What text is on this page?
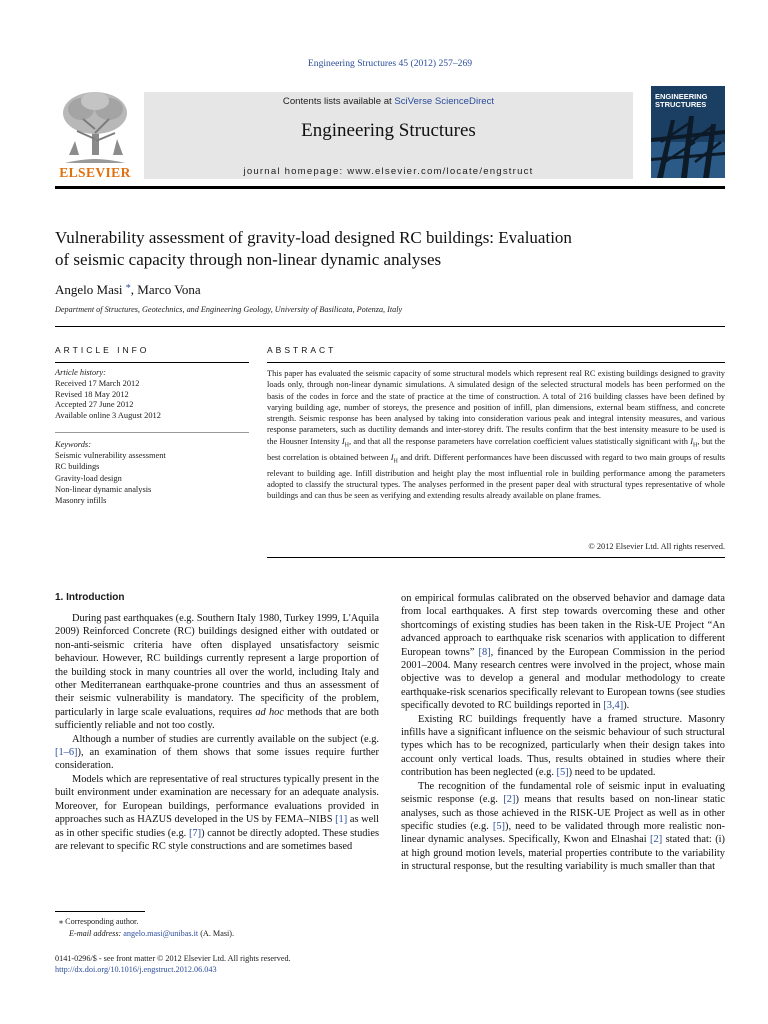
Engineering Structures 45 (2012) 257–269
ELSEVIER
Contents lists available at SciVerse ScienceDirect
Engineering Structures
journal homepage: www.elsevier.com/locate/engstruct
ENGINEERING
STRUCTURES
Vulnerability assessment of gravity-load designed RC buildings: Evaluation
of seismic capacity through non-linear dynamic analyses
Angelo Masi *, Marco Vona
Department of Structures, Geotechnics, and Engineering Geology, University of Basilicata, Potenza, Italy
ARTICLE INFO	ABSTRACT
Article history:
Received 17 March 2012
Revised 18 May 2012
Accepted 27 June 2012
Available online 3 August 2012
Keywords:
Seismic vulnerability assessment
RC buildings
Gravity-load design
Non-linear dynamic analysis
Masonry infills
This paper has evaluated the seismic capacity of some structural models which represent real RC existing buildings designed to gravity loads only, through non-linear dynamic simulations. A simulated design of the selected structural models has been performed on the basis of the codes in force and the state of practice at the time of construction. A total of 216 building classes have been defined by varying building age, number of storeys, the presence and position of infill, plan dimensions, external beam stiffness, and concrete strength. Seismic response has been analysed by taking into consideration various peak and integral intensity measures, and various response parameters, such as ductility demands and inter-storey drift. The results confirm that the best intensity measure to be used is the Housner Intensity $I_H$, and that all the response parameters have correlation coefficient values statistically significant with $I_H$, but the best correlation is obtained between $I_H$ and drift. Different performances have been discussed with regard to two main groups of results relevant to building age. Infill distribution and height play the most influential role in building performance among the parameters adopted to classify the structural types. The analyses performed in the present paper deal with structural types representative of whole buildings and can thus be seen as verifying and extending results already available on plane frames.
© 2012 Elsevier Ltd. All rights reserved.
1. Introduction

During past earthquakes (e.g. Southern Italy 1980, Turkey 1999, L'Aquila 2009) Reinforced Concrete (RC) buildings designed either with outdated or non-anti-seismic criteria have often displayed unsatisfactory seismic behaviour. However, RC buildings currently represent a large proportion of the building stock in many countries all over the world, including Italy and other Mediterranean earthquake-prone countries and thus an assessment of their seismic vulnerability is mandatory. The specificity of the problem, particularly in large scale evaluations, requires ad hoc methods that are both sufficiently reliable and not too costly.

Although a number of studies are currently available on the subject (e.g. [1–6]), an examination of them shows that some issues require further consideration.

Models which are representative of real structures typically present in the built environment under examination are necessary for an adequate analysis. Moreover, for European buildings, performance evaluations provided in approaches such as HAZUS developed in the US by FEMA–NIBS [1] as well as in other specific studies (e.g. [7]) cannot be directly adopted. These studies are relevant to specific RC style constructions and are sometimes based

on empirical formulas calibrated on the observed behavior and damage data from local earthquakes. A first step towards overcoming these and other shortcomings of existing studies has been taken in the Risk-UE Project “An advanced approach to earthquake risk scenarios with application to different European towns” [8], financed by the European Commission in the period 2001–2004. Many research centres were involved in the project, whose main objective was to develop a general and modular methodology to create earthquake-risk scenarios specifically relevant to European towns (see studies specifically devoted to RC buildings reported in [3,4]).

Existing RC buildings frequently have a framed structure. Masonry infills have a significant influence on the seismic behaviour of such structural types which has to be recognized, particularly when their design takes into account only vertical loads. Thus, results obtained in studies where their contribution has been neglected (e.g. [5]) need to be updated.

The recognition of the fundamental role of seismic input in evaluating seismic response (e.g. [2]) means that results based on non-linear static analyses, such as those achieved in the RISK-UE Project as well as in other specific studies (e.g. [5]), need to be validated through more realistic non-linear dynamic analyses. Specifically, Kwon and Elnashai [2] stated that: (i) at high ground motion levels, material properties contribute to the variability in structural response, but the resulting variability is much smaller than that

⁎ Corresponding author.
E-mail address: angelo.masi@unibas.it (A. Masi).
0141-0296/$ - see front matter © 2012 Elsevier Ltd. All rights reserved.
http://dx.doi.org/10.1016/j.engstruct.2012.06.043
